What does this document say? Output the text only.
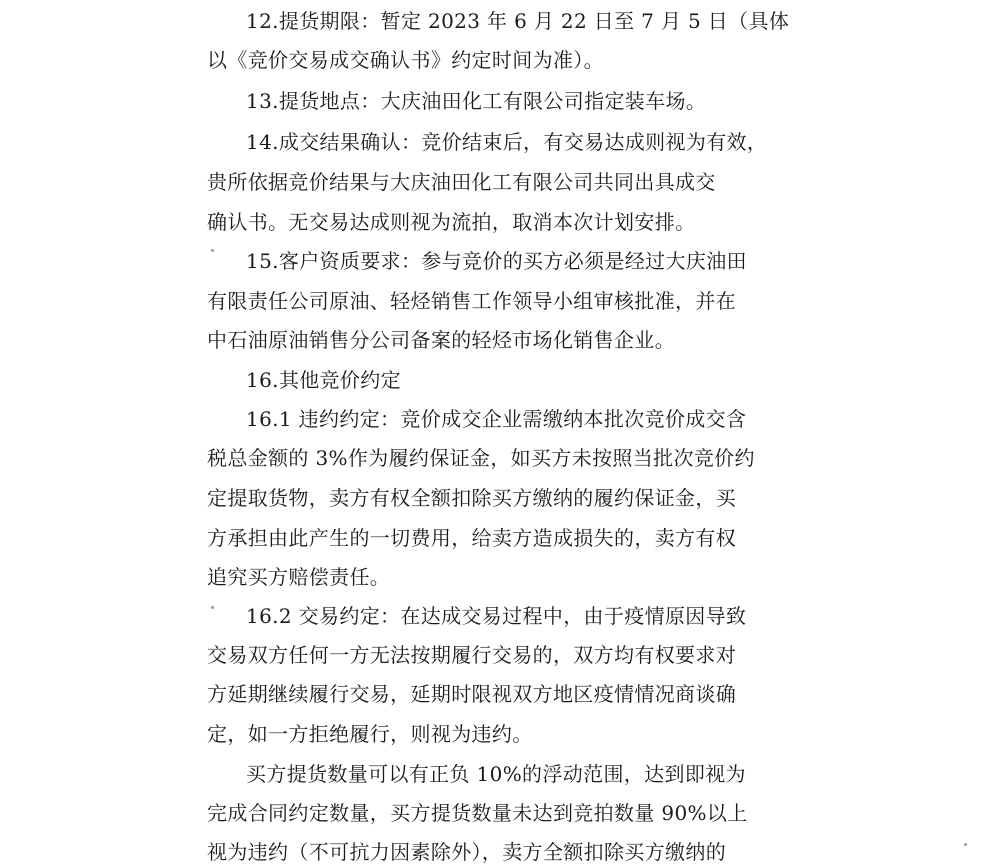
12.提货期限：暂定 2023 年 6 月 22 日至 7 月 5 日（具体
以《竞价交易成交确认书》约定时间为准）。
13.提货地点：大庆油田化工有限公司指定装车场。
14.成交结果确认：竞价结束后，有交易达成则视为有效，
贵所依据竞价结果与大庆油田化工有限公司共同出具成交
确认书。无交易达成则视为流拍，取消本次计划安排。
15.客户资质要求：参与竞价的买方必须是经过大庆油田
有限责任公司原油、轻烃销售工作领导小组审核批准，并在
中石油原油销售分公司备案的轻烃市场化销售企业。
16.其他竞价约定
16.1 违约约定：竞价成交企业需缴纳本批次竞价成交含
税总金额的 3%作为履约保证金，如买方未按照当批次竞价约
定提取货物，卖方有权全额扣除买方缴纳的履约保证金，买
方承担由此产生的一切费用，给卖方造成损失的，卖方有权
追究买方赔偿责任。
16.2 交易约定：在达成交易过程中，由于疫情原因导致
交易双方任何一方无法按期履行交易的，双方均有权要求对
方延期继续履行交易，延期时限视双方地区疫情情况商谈确
定，如一方拒绝履行，则视为违约。
买方提货数量可以有正负 10%的浮动范围，达到即视为
完成合同约定数量，买方提货数量未达到竞拍数量 90%以上
视为违约（不可抗力因素除外），卖方全额扣除买方缴纳的
